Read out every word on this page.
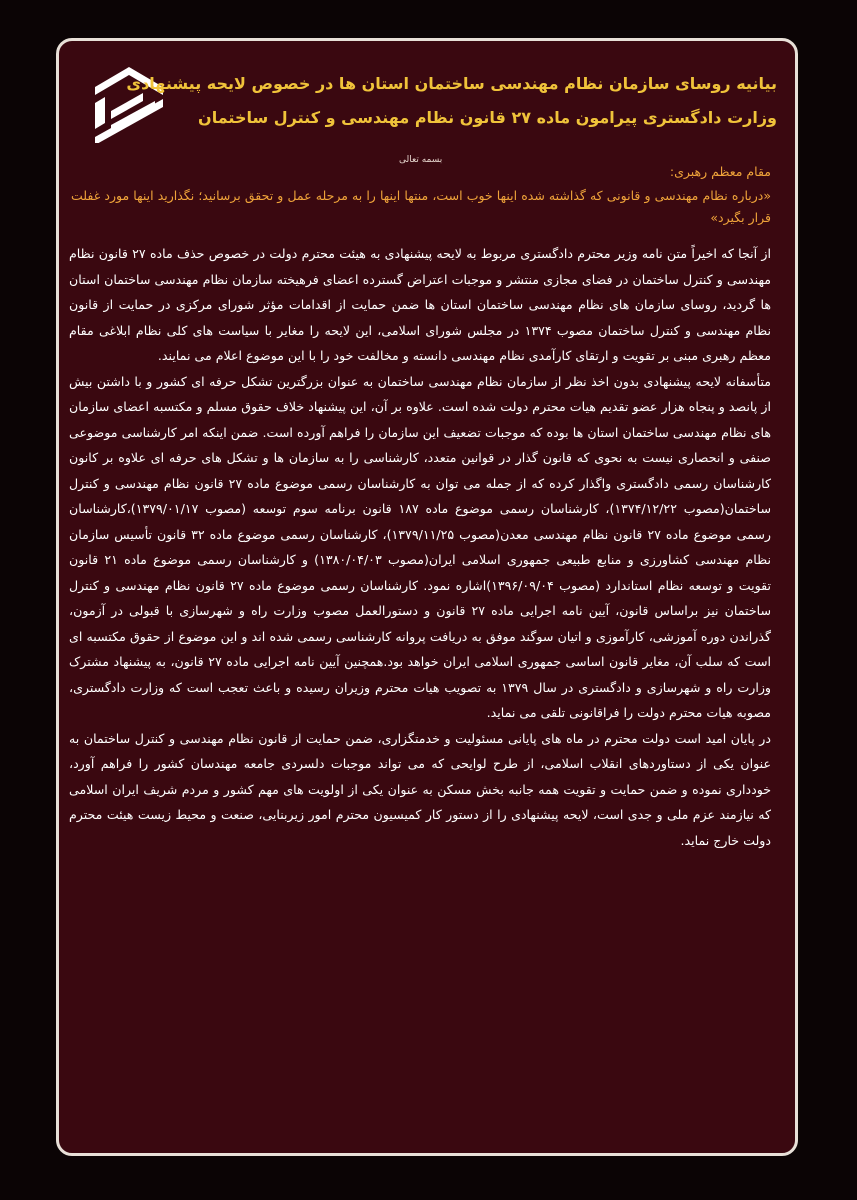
بیانیه روسای سازمان نظام مهندسی ساختمان استان ها در خصوص لایحه پیشنهادی
وزارت دادگستری پیرامون ماده ۲۷ قانون نظام مهندسی و کنترل ساختمان
بسمه تعالی
مقام معظم رهبری:
«درباره نظام مهندسی و قانونی که گذاشته شده اینها خوب است، منتها اینها را به مرحله عمل و تحقق برسانید؛ نگذارید اینها مورد غفلت قرار بگیرد»

از آنجا که اخیراً متن نامه وزیر محترم دادگستری مربوط به لایحه پیشنهادی به هیئت محترم دولت در خصوص حذف ماده ۲۷ قانون نظام مهندسی و کنترل ساختمان در فضای مجازی منتشر و موجبات اعتراض گسترده اعضای فرهیخته سازمان نظام مهندسی ساختمان استان ها گردید، روسای سازمان های نظام مهندسی ساختمان استان ها ضمن حمایت از اقدامات مؤثر شورای مرکزی در حمایت از قانون نظام مهندسی و کنترل ساختمان مصوب ۱۳۷۴ در مجلس شورای اسلامی، این لایحه را مغایر با سیاست های کلی نظام ابلاغی مقام معظم رهبری مبنی بر تقویت و ارتقای کارآمدی نظام مهندسی دانسته و مخالفت خود را با این موضوع اعلام می نمایند.

متأسفانه لایحه پیشنهادی بدون اخذ نظر از سازمان نظام مهندسی ساختمان به عنوان بزرگترین تشکل حرفه ای کشور و با داشتن بیش از پانصد و پنجاه هزار عضو تقدیم هیات محترم دولت شده است. علاوه بر آن، این پیشنهاد خلاف حقوق مسلم و مکتسبه اعضای سازمان های نظام مهندسی ساختمان استان ها بوده که موجبات تضعیف این سازمان را فراهم آورده است. ضمن اینکه امر کارشناسی موضوعی صنفی و انحصاری نیست به نحوی که قانون گذار در قوانین متعدد، کارشناسی را به سازمان ها و تشکل های حرفه ای علاوه بر کانون کارشناسان رسمی دادگستری واگذار کرده که از جمله می توان به کارشناسان رسمی موضوع ماده ۲۷ قانون نظام مهندسی و کنترل ساختمان(مصوب ۱۳۷۴/۱۲/۲۲)، کارشناسان رسمی موضوع ماده ۱۸۷ قانون برنامه سوم توسعه (مصوب ۱۳۷۹/۰۱/۱۷)،کارشناسان رسمی موضوع ماده ۲۷ قانون نظام مهندسی معدن(مصوب ۱۳۷۹/۱۱/۲۵)، کارشناسان رسمی موضوع ماده ۳۲ قانون تأسیس سازمان نظام مهندسی کشاورزی و منابع طبیعی جمهوری اسلامی ایران(مصوب ۱۳۸۰/۰۴/۰۳) و کارشناسان رسمی موضوع ماده ۲۱ قانون تقویت و توسعه نظام استاندارد (مصوب ۱۳۹۶/۰۹/۰۴)اشاره نمود. کارشناسان رسمی موضوع ماده ۲۷ قانون نظام مهندسی و کنترل ساختمان نیز براساس قانون، آیین نامه اجرایی ماده ۲۷ قانون و دستورالعمل مصوب وزارت راه و شهرسازی با قبولی در آزمون، گذراندن دوره آموزشی، کارآموزی و اتیان سوگند موفق به دریافت پروانه کارشناسی رسمی شده اند و این موضوع از حقوق مکتسبه ای است که سلب آن، مغایر قانون اساسی جمهوری اسلامی ایران خواهد بود.همچنین آیین نامه اجرایی ماده ۲۷ قانون، به پیشنهاد مشترک وزارت راه و شهرسازی و دادگستری در سال ۱۳۷۹ به تصویب هیات محترم وزیران رسیده و باعث تعجب است که وزارت دادگستری، مصوبه هیات محترم دولت را فراقانونی تلقی می نماید.

در پایان امید است دولت محترم در ماه های پایانی مسئولیت و خدمتگزاری، ضمن حمایت از قانون نظام مهندسی و کنترل ساختمان به عنوان یکی از دستاوردهای انقلاب اسلامی، از طرح لوایحی که می تواند موجبات دلسردی جامعه مهندسان کشور را فراهم آورد، خودداری نموده و ضمن حمایت و تقویت همه جانبه بخش مسکن به عنوان یکی از اولویت های مهم کشور و مردم شریف ایران اسلامی که نیازمند عزم ملی و جدی است، لایحه پیشنهادی را از دستور کار کمیسیون محترم امور زیربنایی، صنعت و محیط زیست هیئت محترم دولت خارج نماید.
